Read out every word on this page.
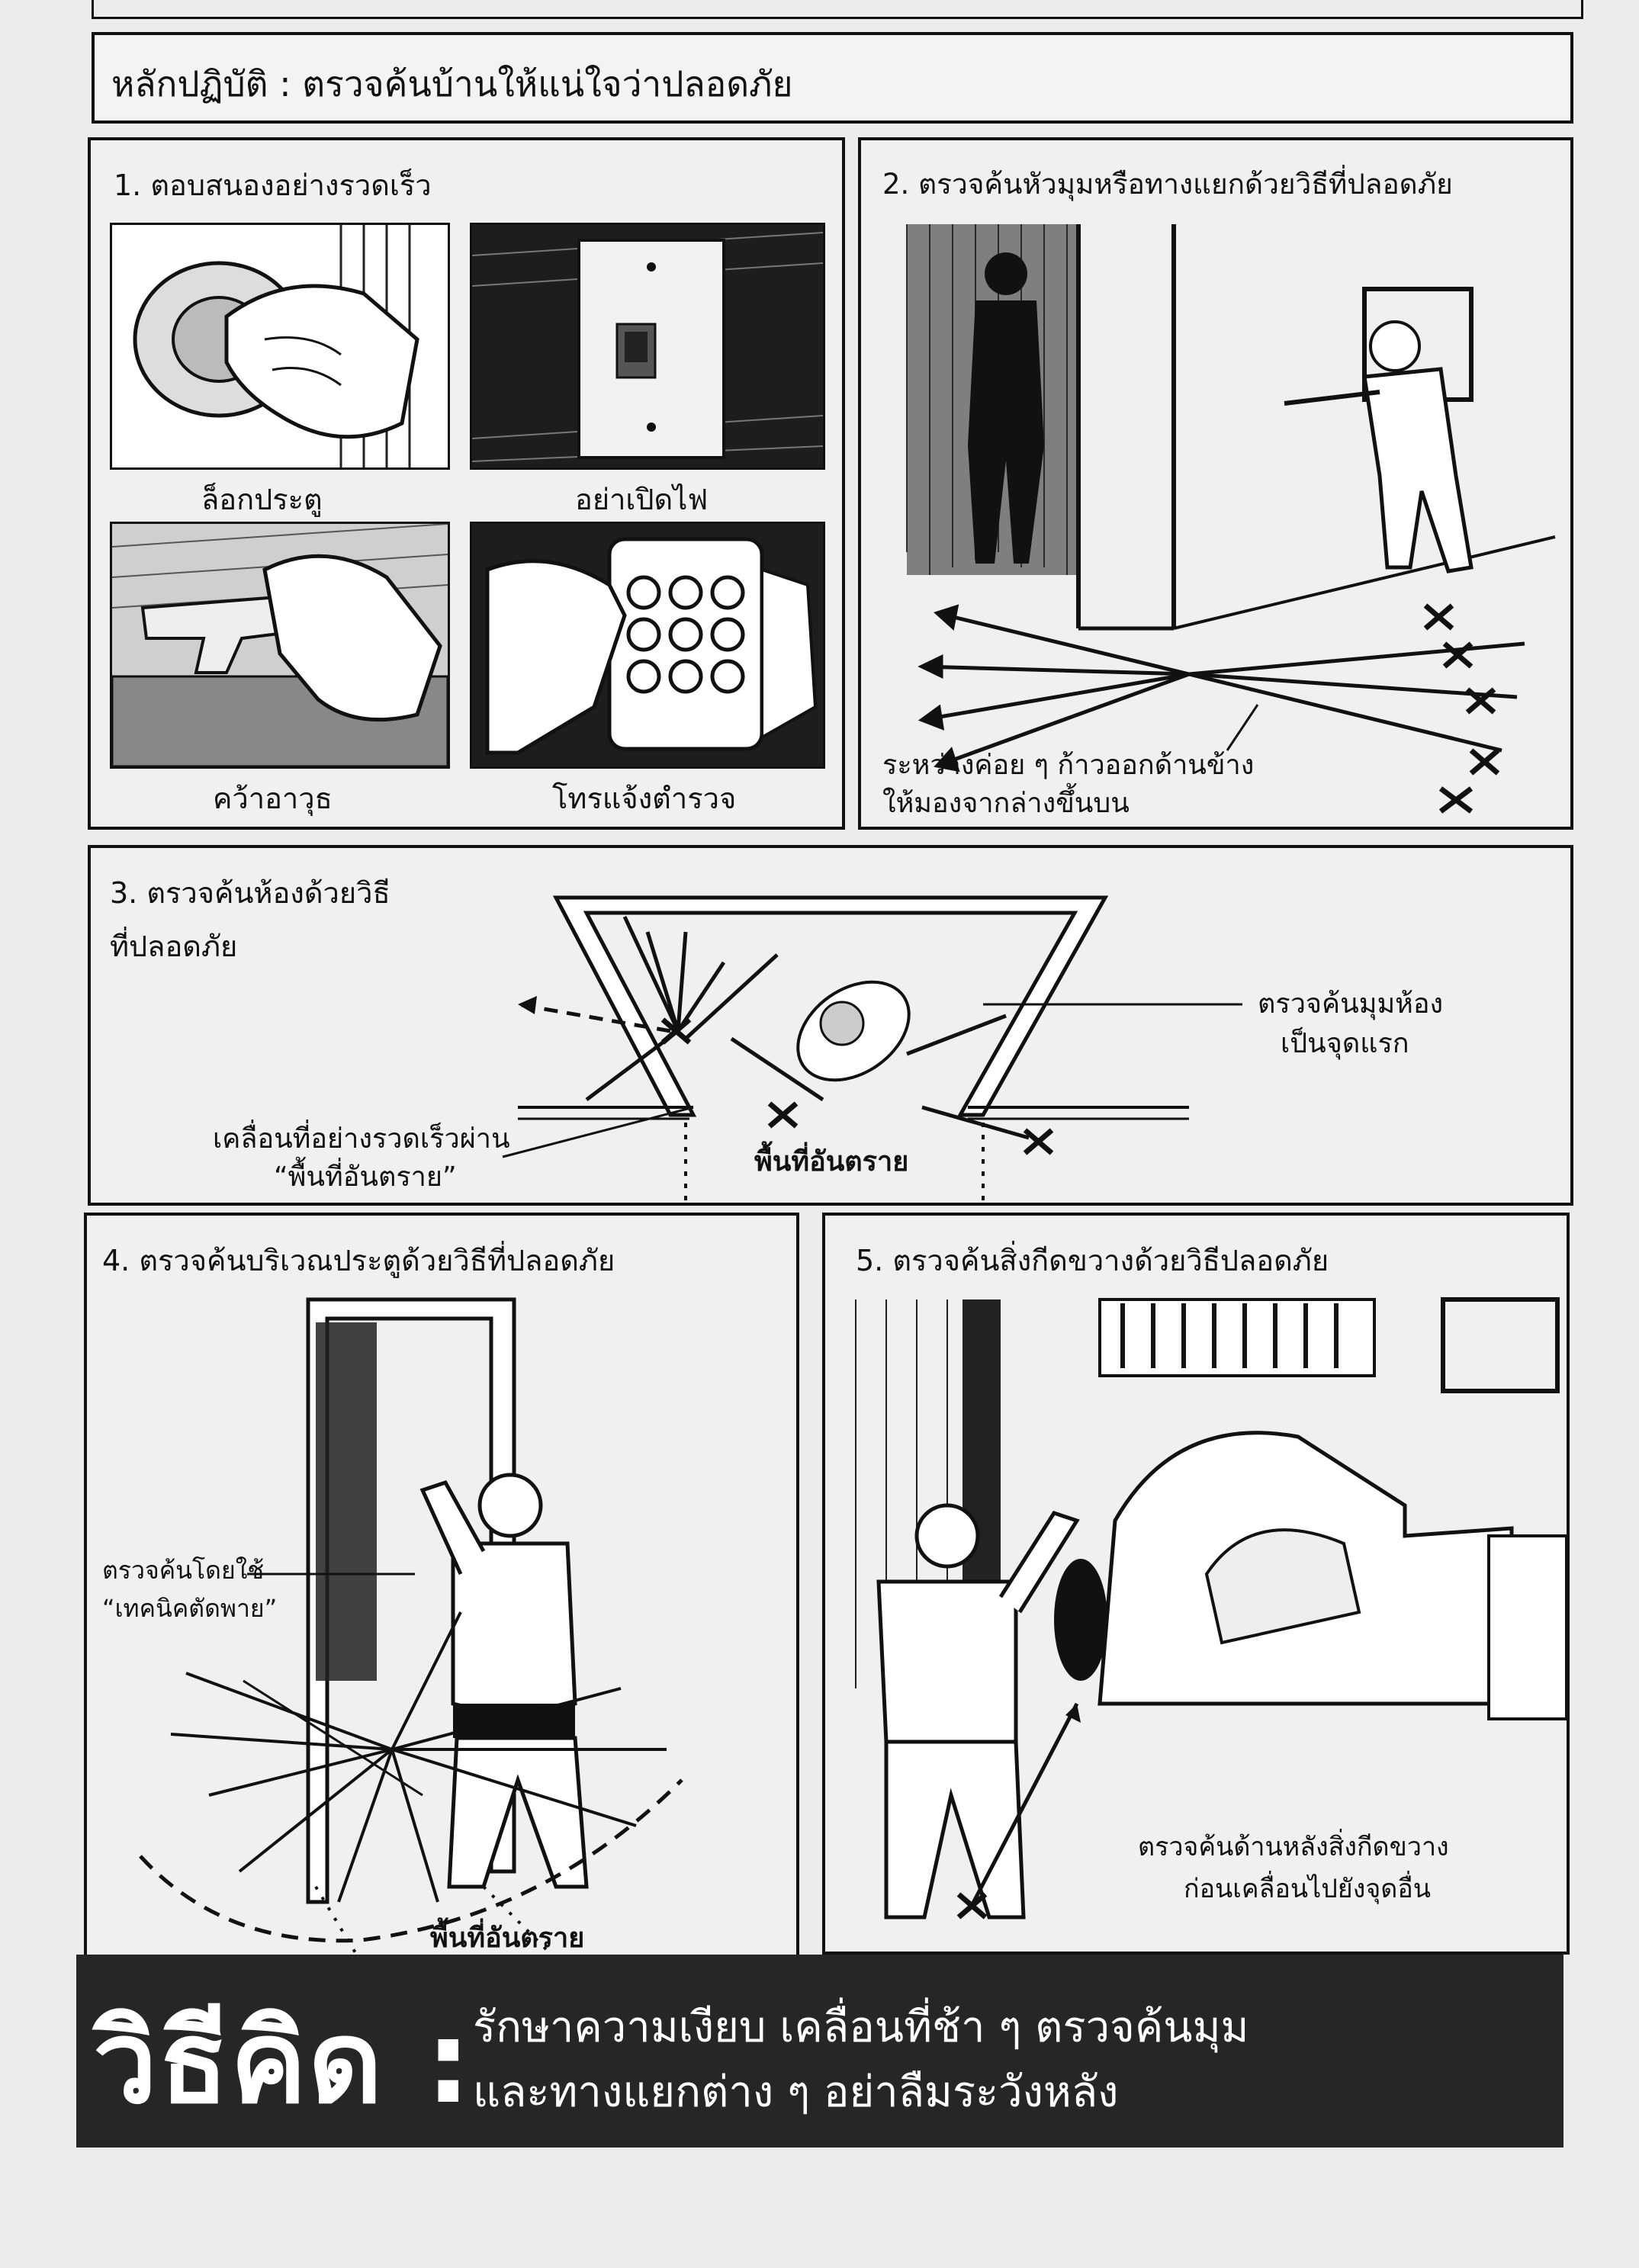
หลักปฏิบัติ : ตรวจค้นบ้านให้แน่ใจว่าปลอดภัย
1. ตอบสนองอย่างรวดเร็ว
ล็อกประตู	อย่าเปิดไฟ
คว้าอาวุธ	โทรแจ้งตำรวจ
2. ตรวจค้นหัวมุมหรือทางแยกด้วยวิธีที่ปลอดภัย
ระหว่างค่อย ๆ ก้าวออกด้านข้าง
ให้มองจากล่างขึ้นบน
3. ตรวจค้นห้องด้วยวิธี
ที่ปลอดภัย
ตรวจค้นมุมห้อง
เป็นจุดแรก
เคลื่อนที่อย่างรวดเร็วผ่าน
“พื้นที่อันตราย”	พื้นที่อันตราย
4. ตรวจค้นบริเวณประตูด้วยวิธีที่ปลอดภัย
ตรวจค้นโดยใช้
“เทคนิคตัดพาย”
พื้นที่อันตราย
5. ตรวจค้นสิ่งกีดขวางด้วยวิธีปลอดภัย
ตรวจค้นด้านหลังสิ่งกีดขวาง
ก่อนเคลื่อนไปยังจุดอื่น
วิธีคิด : รักษาความเงียบ เคลื่อนที่ช้า ๆ ตรวจค้นมุม
และทางแยกต่าง ๆ อย่าลืมระวังหลัง
